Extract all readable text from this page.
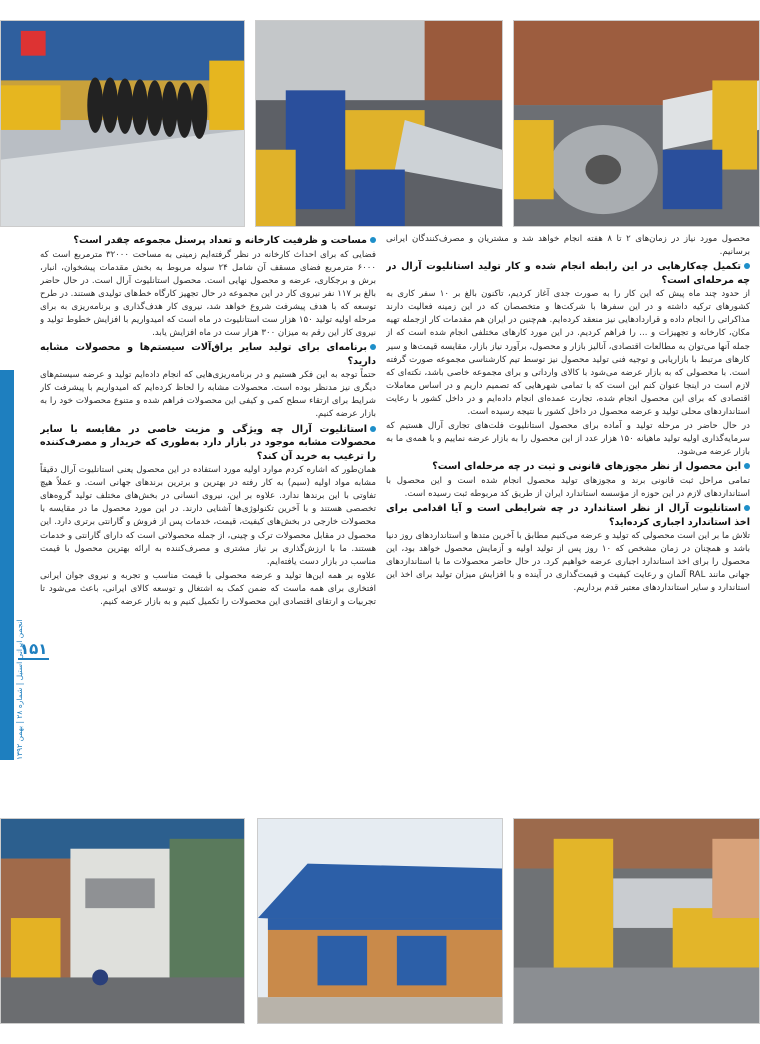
انجمن ایرانی استیل | شماره ۲۸ | بهمن ۱۳۹۲
۱۵۱

محصول مورد نیاز در زمان‌های ۲ تا ۸ هفته انجام خواهد شد و مشتریان و مصرف‌کنندگان ایرانی برسانیم.

تکمیل چه‌کارهایی در این رابطه انجام شده و کار تولید استانلیوت آرال در چه مرحله‌ای است؟

از حدود چند ماه پیش که این کار را به صورت جدی آغاز کردیم، تاکنون بالغ بر ۱۰ سفر کاری به کشورهای ترکیه داشته و در این سفرها با شرکت‌ها و متخصصان که در این زمینه فعالیت دارند مذاکراتی را انجام داده و قرارداد‌هایی نیز منعقد کرده‌ایم. هم‌چنین در ایران هم مقدمات کار ازجمله تهیه مکان، کارخانه و تجهیزات و ... را فراهم کردیم. در این مورد کارهای مختلفی انجام شده است که از جمله آنها می‌توان به مطالعات اقتصادی، آنالیز بازار و محصول، برآورد نیاز بازار، مقایسه قیمت‌ها و سیر کارهای مرتبط با بازاریابی و توجیه فنی تولید محصول نیز توسط تیم کارشناسی مجموعه صورت گرفته است. با محصولی که به بازار عرضه می‌شود با کالای وارداتی و برای مجموعه خاصی باشد، نکته‌ای که لازم است در اینجا عنوان کنم این است که با تمامی شهرهایی که تصمیم داریم و در اساس معاملات اقتصادی که برای این محصول انجام شده، تجارت عمده‌ای انجام داده‌ایم و در داخل کشور با رعایت استانداردهای محلی تولید و عرضه محصول در داخل کشور با نتیجه رسیده است.

در حال حاضر در مرحله تولید و آماده برای محصول استانلیوت فلت‌های تجاری آرال هستیم که سرمایه‌گذاری اولیه تولید ماهیانه ۱۵۰ هزار عدد از این محصول را به بازار عرضه نماییم و با همه‌ی ما به بازار عرضه می‌شود.

این محصول از نظر مجوزهای قانونی و ثبت در چه مرحله‌ای است؟

تمامی مراحل ثبت قانونی برند و مجوزهای تولید محصول انجام شده است و این محصول با استانداردهای لازم در این حوزه از مؤسسه استاندارد ایران از طریق کد مربوطه ثبت رسیده است.

استانلیوت آرال از نظر استاندارد در چه شرایطی است و آیا اقدامی برای اخذ استاندارد اجباری کرده‌اید؟

تلاش ما بر این است محصولی که تولید و عرضه می‌کنیم مطابق با آخرین متدها و استانداردهای روز دنیا باشد و همچنان در زمان مشخص که ۱۰ روز پس از تولید اولیه و آزمایش محصول خواهد بود، این محصول را برای اخذ استاندارد اجباری عرضه خواهیم کرد. در حال حاضر محصولات ما با استانداردهای جهانی مانند RAL آلمان و رعایت کیفیت و قیمت‌گذاری در آینده و با افزایش میزان تولید برای اخذ این استاندارد و سایر استانداردهای معتبر قدم برداریم.

مساحت و ظرفیت کارخانه و تعداد پرسنل مجموعه چقدر است؟

فضایی که برای احداث کارخانه در نظر گرفته‌ایم زمینی به مساحت ۳۲۰۰۰ مترمربع است که ۶۰۰۰ مترمربع فضای مسقف آن شامل ۲۴ سوله مربوط به بخش مقدمات پیشخوان، انبار، برش و برجکاری، عرضه و محصول نهایی است. محصول استانلیوت آرال است. در حال حاضر بالغ بر ۱۱۷ نفر نیروی کار در این مجموعه در حال تجهیز کارگاه خط‌های تولیدی هستند. در طرح توسعه که با هدف پیشرفت شروع خواهد شد، نیروی کار هدف‌گذاری و برنامه‌ریزی به برای مرحله اولیه تولید ۱۵۰ هزار ست استانلیوت در ماه است که امیدواریم با افزایش خطوط تولید و نیروی کار این رقم به میزان ۳۰۰ هزار ست در ماه افزایش یابد.

برنامه‌ای برای تولید سایر یراق‌آلات سیستم‌ها و محصولات مشابه دارید؟

حتماً توجه به این فکر هستیم و در برنامه‌ریزی‌هایی که انجام داده‌ایم تولید و عرضه سیستم‌های دیگری نیز مدنظر بوده است. محصولات مشابه را لحاظ کرده‌ایم که امیدواریم با پیشرفت کار شرایط برای ارتقاء سطح کمی و کیفی این محصولات فراهم شده و متنوع محصولات خود را به بازار عرضه کنیم.

استانلیوت آرال چه ویژگی و مزیت خاصی در مقایسه با سایر محصولات مشابه موجود در بازار دارد به‌طوری که خریدار و مصرف‌کننده را ترغیب به خرید آن کند؟

همان‌طور که اشاره کردم موارد اولیه مورد استفاده در این محصول یعنی استانلیوت آرال دقیقاً مشابه مواد اولیه (سیم) به کار رفته در بهترین و برترین برندهای جهانی است. و عملاً هیچ تفاوتی با این برندها ندارد. علاوه بر این، نیروی انسانی در بخش‌های مختلف تولید گروه‌های تخصصی هستند و با آخرین تکنولوژی‌ها آشنایی دارند. در این مورد محصول ما در مقایسه با محصولات خارجی در بخش‌های کیفیت، قیمت، خدمات پس از فروش و گارانتی برتری دارد. این محصول در مقابل محصولات ترک و چینی، از جمله محصولاتی است که دارای گارانتی و خدمات هستند. ما با ارزش‌گذاری بر نیاز مشتری و مصرف‌کننده به ارائه بهترین محصول با قیمت مناسب در بازار دست یافته‌ایم.

علاوه بر همه این‌ها تولید و عرضه محصولی با قیمت مناسب و تجربه و نیروی جوان ایرانی افتخاری برای همه ماست که ضمن کمک به اشتغال و توسعه کالای ایرانی، باعث می‌شود تا تجربیات و ارتقای اقتصادی این محصولات را تکمیل کنیم و به بازار عرضه کنیم.
